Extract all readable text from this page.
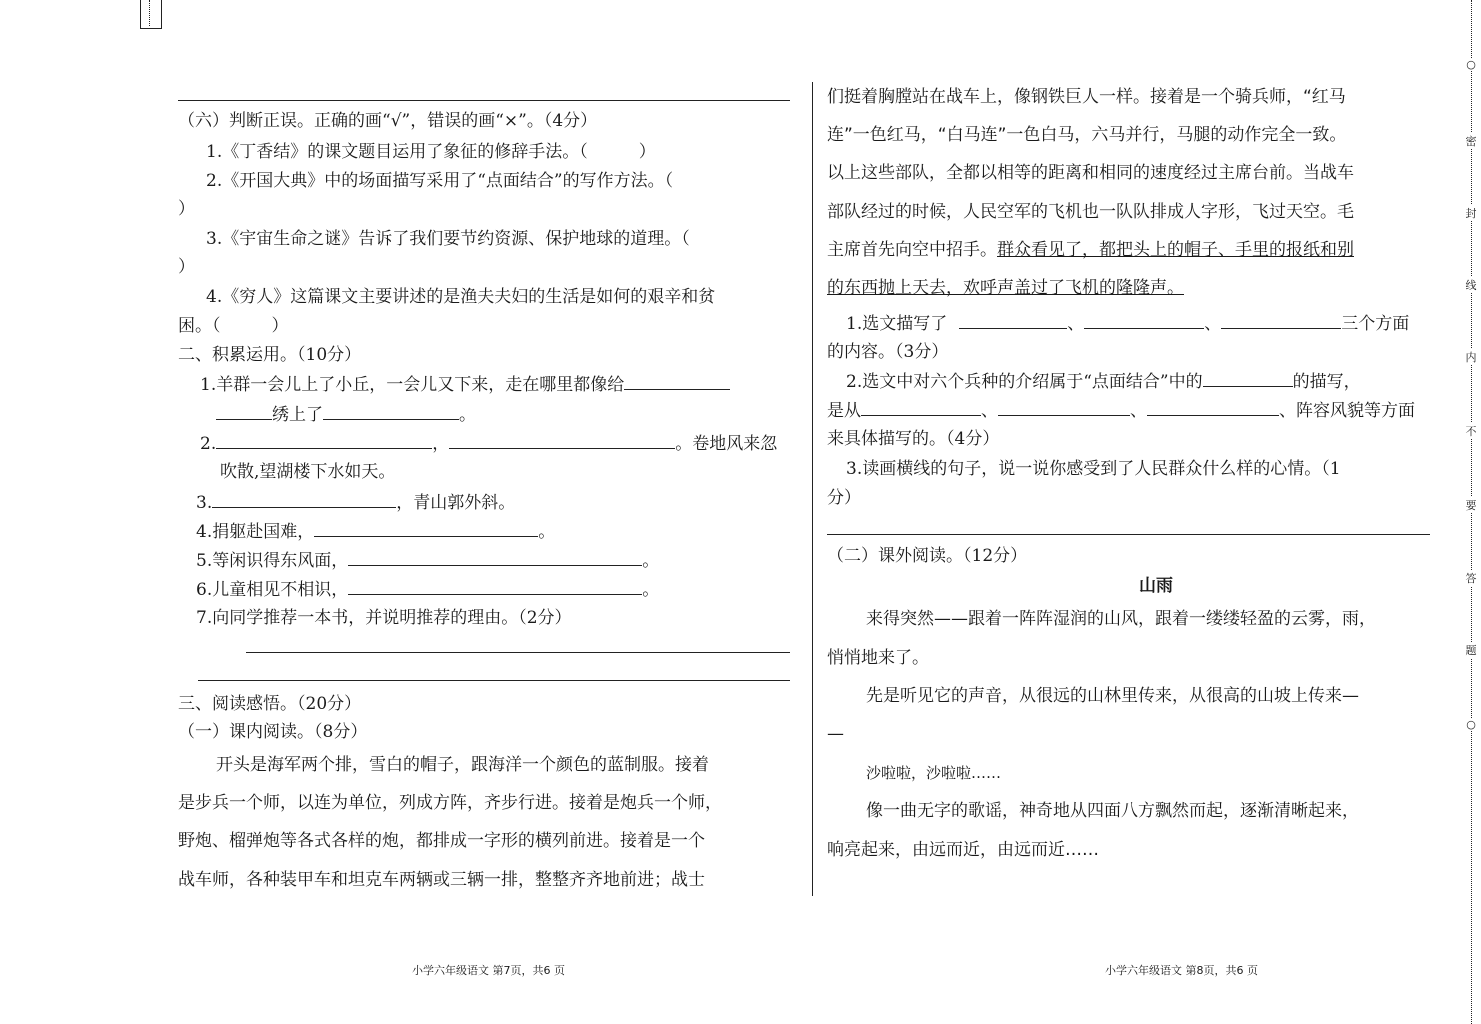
（六）判断正误。正确的画“√”，错误的画“×”。（4分）
1.《丁香结》的课文题目运用了象征的修辞手法。（　　　）
2.《开国大典》中的场面描写采用了“点面结合”的写作方法。（
）
3.《宇宙生命之谜》告诉了我们要节约资源、保护地球的道理。（
）
4.《穷人》这篇课文主要讲述的是渔夫夫妇的生活是如何的艰辛和贫
困。（　　　）
二、积累运用。（10分）
1.羊群一会儿上了小丘，一会儿又下来，走在哪里都像给
绣上了	。
2.	，	。卷地风来忽
吹散,望湖楼下水如天。
3.	，青山郭外斜。
4.捐躯赴国难，	。
5.等闲识得东风面，	。
6.儿童相见不相识，	。
7.向同学推荐一本书，并说明推荐的理由。（2分）
三、阅读感悟。（20分）
（一）课内阅读。（8分）
开头是海军两个排，雪白的帽子，跟海洋一个颜色的蓝制服。接着
是步兵一个师，以连为单位，列成方阵，齐步行进。接着是炮兵一个师，
野炮、榴弹炮等各式各样的炮，都排成一字形的横列前进。接着是一个
战车师，各种装甲车和坦克车两辆或三辆一排，整整齐齐地前进；战士
小学六年级语文 第7页，共6 页
们挺着胸膛站在战车上，像钢铁巨人一样。接着是一个骑兵师，“红马
连”一色红马，“白马连”一色白马，六马并行，马腿的动作完全一致。
以上这些部队，全都以相等的距离和相同的速度经过主席台前。当战车
部队经过的时候，人民空军的飞机也一队队排成人字形，飞过天空。毛
主席首先向空中招手。群众看见了，都把头上的帽子、手里的报纸和别
的东西抛上天去，欢呼声盖过了飞机的隆隆声。
1.选文描写了	、	、	三个方面
的内容。（3分）
2.选文中对六个兵种的介绍属于“点面结合”中的	的描写，
是从	、	、	、阵容风貌等方面
来具体描写的。（4分）
3.读画横线的句子，说一说你感受到了人民群众什么样的心情。（1
分）
（二）课外阅读。（12分）
山雨
来得突然——跟着一阵阵湿润的山风，跟着一缕缕轻盈的云雾，雨，
悄悄地来了。
先是听见它的声音，从很远的山林里传来，从很高的山坡上传来—
—
沙啦啦，沙啦啦……
像一曲无字的歌谣，神奇地从四面八方飘然而起，逐渐清晰起来，
响亮起来，由远而近，由远而近……
小学六年级语文 第8页，共6 页
○
密
封
线
内
不
要
答
题
○
